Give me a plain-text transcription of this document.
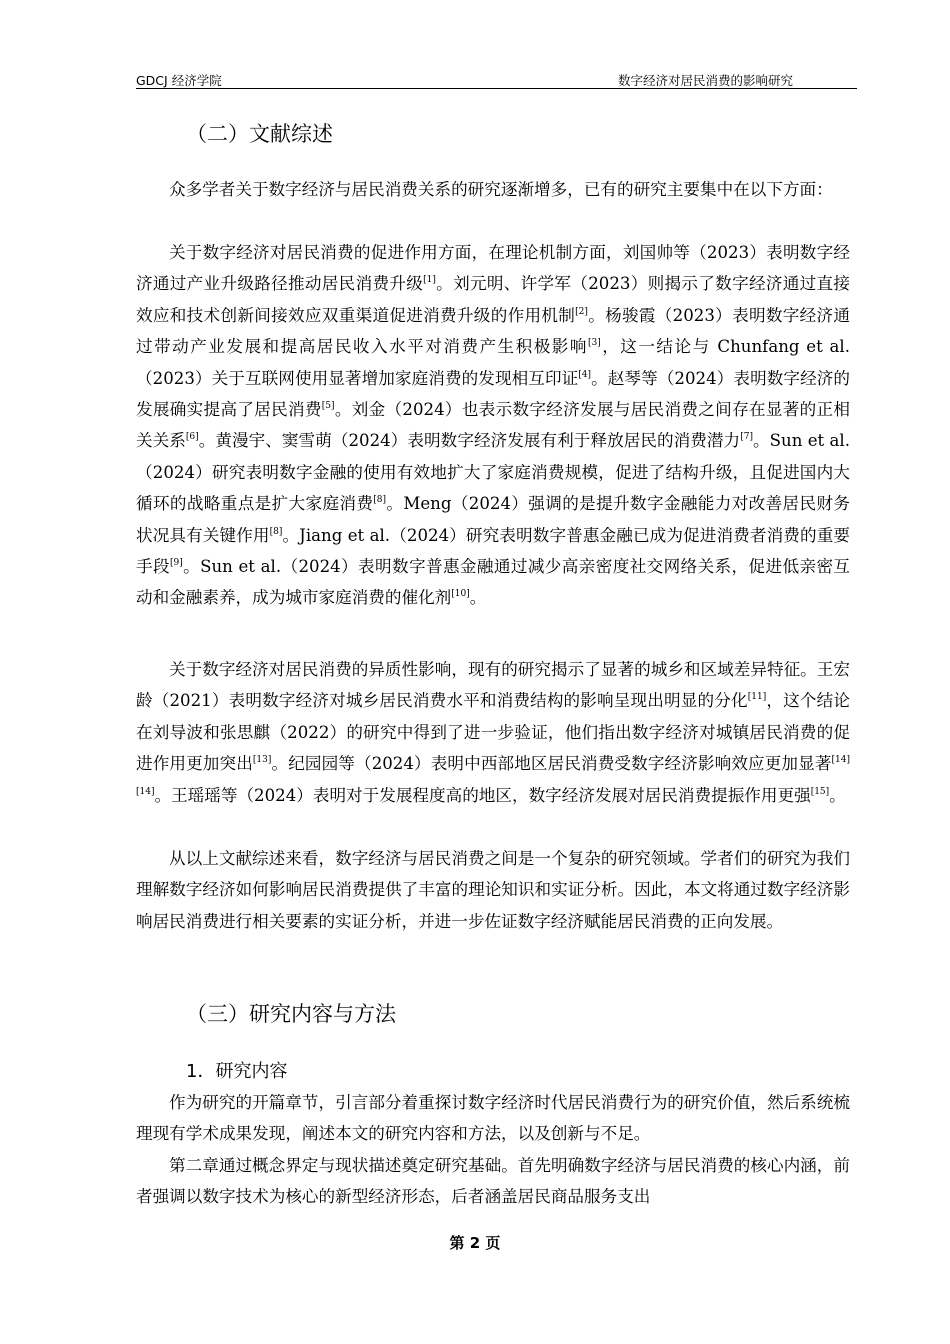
GDCJ 经济学院	数字经济对居民消费的影响研究
（二）文献综述

众多学者关于数字经济与居民消费关系的研究逐渐增多，已有的研究主要集中在以下方面：

关于数字经济对居民消费的促进作用方面，在理论机制方面，刘国帅等（2023）表明数字经济通过产业升级路径推动居民消费升级[1]。刘元明、许学军（2023）则揭示了数字经济通过直接效应和技术创新间接效应双重渠道促进消费升级的作用机制[2]。杨骏霞（2023）表明数字经济通过带动产业发展和提高居民收入水平对消费产生积极影响[3]，这一结论与 Chunfang et al.（2023）关于互联网使用显著增加家庭消费的发现相互印证[4]。赵琴等（2024）表明数字经济的发展确实提高了居民消费[5]。刘金（2024）也表示数字经济发展与居民消费之间存在显著的正相关关系[6]。黄漫宇、窦雪萌（2024）表明数字经济发展有利于释放居民的消费潜力[7]。Sun et al.（2024）研究表明数字金融的使用有效地扩大了家庭消费规模，促进了结构升级，且促进国内大循环的战略重点是扩大家庭消费[8]。Meng（2024）强调的是提升数字金融能力对改善居民财务状况具有关键作用[8]。Jiang et al.（2024）研究表明数字普惠金融已成为促进消费者消费的重要手段[9]。Sun et al.（2024）表明数字普惠金融通过减少高亲密度社交网络关系，促进低亲密互动和金融素养，成为城市家庭消费的催化剂[10]。

关于数字经济对居民消费的异质性影响，现有的研究揭示了显著的城乡和区域差异特征。王宏龄（2021）表明数字经济对城乡居民消费水平和消费结构的影响呈现出明显的分化[11]，这个结论在刘导波和张思麒（2022）的研究中得到了进一步验证，他们指出数字经济对城镇居民消费的促进作用更加突出[13]。纪园园等（2024）表明中西部地区居民消费受数字经济影响效应更加显著[14][14]。王瑶瑶等（2024）表明对于发展程度高的地区，数字经济发展对居民消费提振作用更强[15]。

从以上文献综述来看，数字经济与居民消费之间是一个复杂的研究领域。学者们的研究为我们理解数字经济如何影响居民消费提供了丰富的理论知识和实证分析。因此，本文将通过数字经济影响居民消费进行相关要素的实证分析，并进一步佐证数字经济赋能居民消费的正向发展。

（三）研究内容与方法
1．研究内容

作为研究的开篇章节，引言部分着重探讨数字经济时代居民消费行为的研究价值，然后系统梳理现有学术成果发现，阐述本文的研究内容和方法，以及创新与不足。

第二章通过概念界定与现状描述奠定研究基础。首先明确数字经济与居民消费的核心内涵，前者强调以数字技术为核心的新型经济形态，后者涵盖居民商品服务支出

第 2 页
